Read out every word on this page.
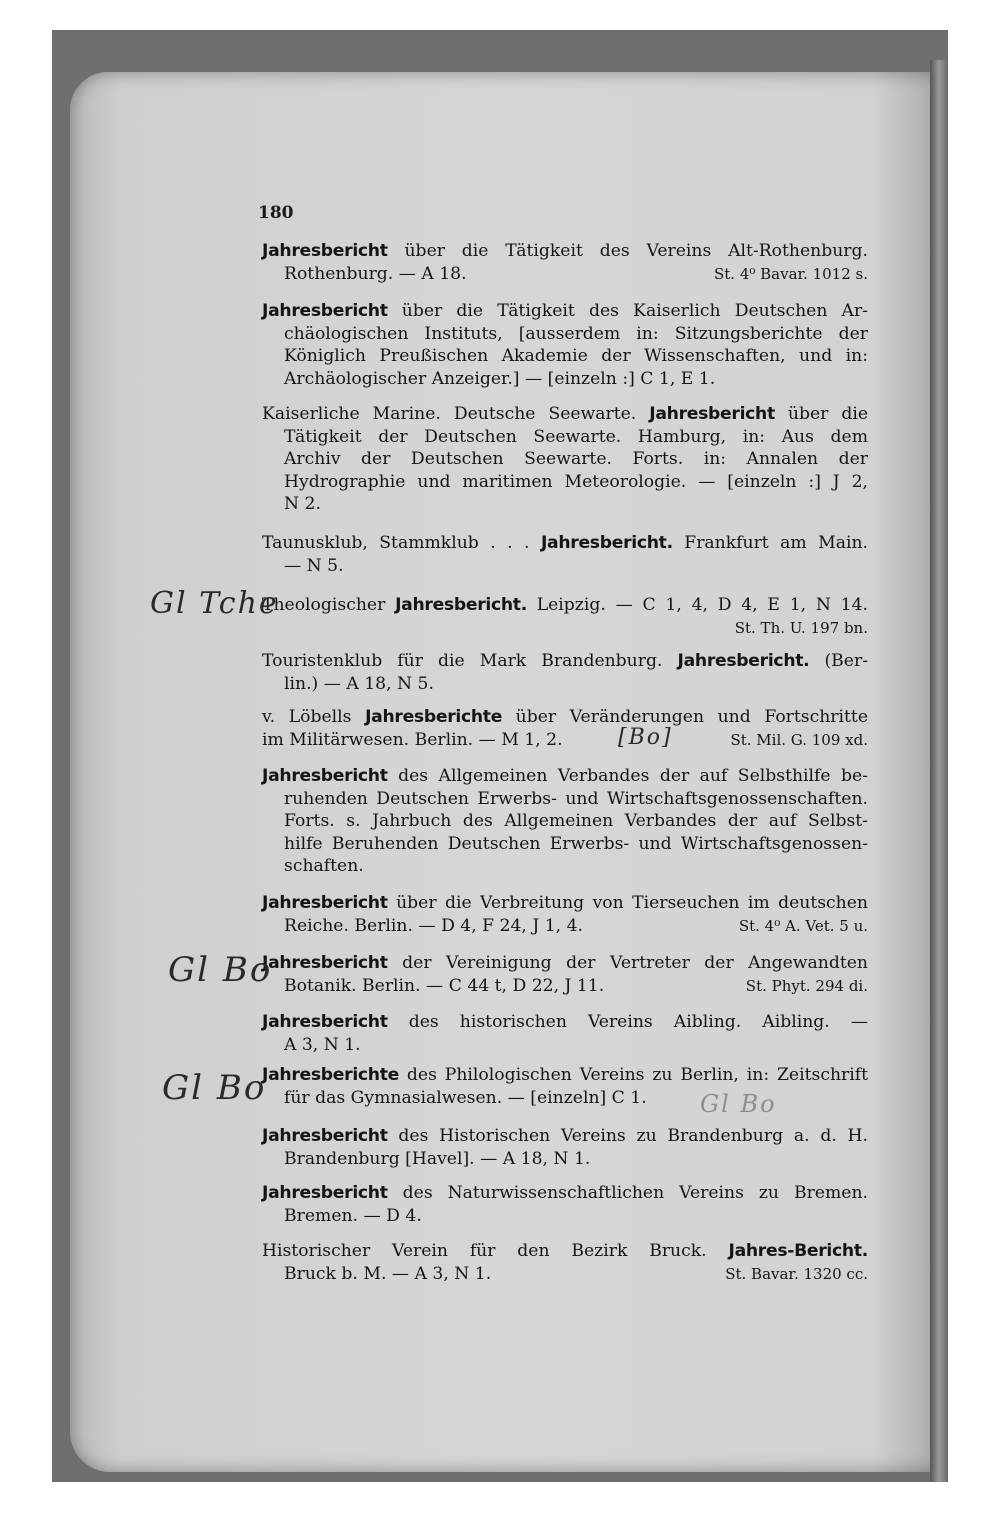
180
Jahresbericht über die Tätigkeit des Vereins Alt-Rothenburg.
Rothenburg. — A 18.	St. 4⁰ Bavar. 1012 s.
Jahresbericht über die Tätigkeit des Kaiserlich Deutschen Ar-
chäologischen Instituts, [ausserdem in: Sitzungsberichte der
Königlich Preußischen Akademie der Wissenschaften, und in:
Archäologischer Anzeiger.] — [einzeln :] C 1, E 1.
Kaiserliche Marine. Deutsche Seewarte. Jahresbericht über die
Tätigkeit der Deutschen Seewarte. Hamburg, in: Aus dem
Archiv der Deutschen Seewarte. Forts. in: Annalen der
Hydrographie und maritimen Meteorologie. — [einzeln :] J 2,
N 2.
Taunusklub, Stammklub . . . Jahresbericht. Frankfurt am Main.
— N 5.
Theologischer Jahresbericht. Leipzig. — C 1, 4, D 4, E 1, N 14.
St. Th. U. 197 bn.

Touristenklub für die Mark Brandenburg. Jahresbericht. (Ber-
lin.) — A 18, N 5.
v. Löbells Jahresberichte über Veränderungen und Fortschritte
im Militärwesen. Berlin. — M 1, 2.	St. Mil. G. 109 xd.
Jahresbericht des Allgemeinen Verbandes der auf Selbsthilfe be-
ruhenden Deutschen Erwerbs- und Wirtschaftsgenossenschaften.
Forts. s. Jahrbuch des Allgemeinen Verbandes der auf Selbst-
hilfe Beruhenden Deutschen Erwerbs- und Wirtschaftsgenossen-
schaften.
Jahresbericht über die Verbreitung von Tierseuchen im deutschen
Reiche. Berlin. — D 4, F 24, J 1, 4.	St. 4⁰ A. Vet. 5 u.
Jahresbericht der Vereinigung der Vertreter der Angewandten
Botanik. Berlin. — C 44 t, D 22, J 11.	St. Phyt. 294 di.
Jahresbericht des historischen Vereins Aibling. Aibling. —
A 3, N 1.
Jahresberichte des Philologischen Vereins zu Berlin, in: Zeitschrift
für das Gymnasialwesen. — [einzeln] C 1.
Jahresbericht des Historischen Vereins zu Brandenburg a. d. H.
Brandenburg [Havel]. — A 18, N 1.
Jahresbericht des Naturwissenschaftlichen Vereins zu Bremen.
Bremen. — D 4.
Historischer Verein für den Bezirk Bruck. Jahres-Bericht.
Bruck b. M. — A 3, N 1.	St. Bavar. 1320 cc.
Gl Tche
[Bo]
Gl Bo
Gl Bo	Gl Bo
